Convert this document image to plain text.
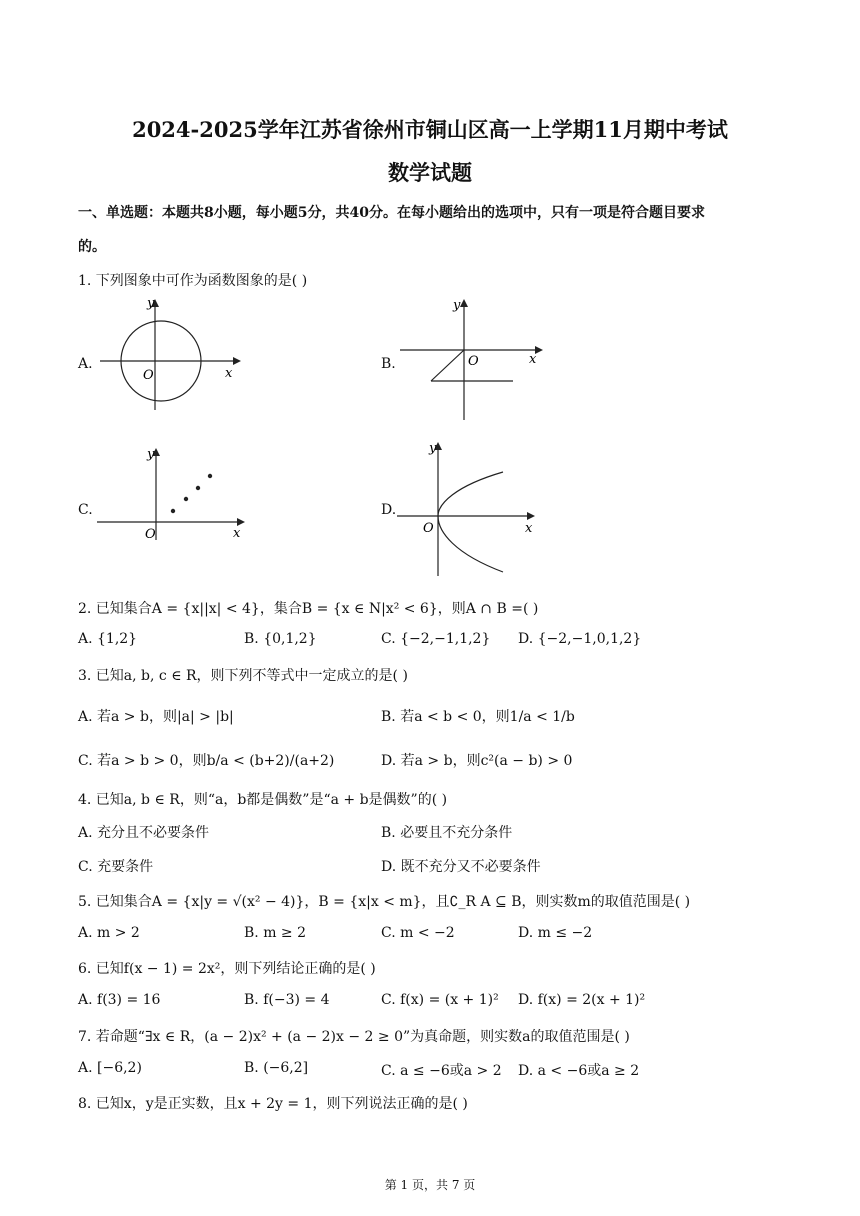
2024-2025学年江苏省徐州市铜山区高一上学期11月期中考试
数学试题
一、单选题：本题共8小题，每小题5分，共40分。在每小题给出的选项中，只有一项是符合题目要求
的。
1. 下列图象中可作为函数图象的是( )
A.	B.
C.	D.
y
x
O
y
x
O
y
x
O
y
x
O
2. 已知集合A = {x||x| < 4}，集合B = {x ∈ N|x² < 6}，则A ∩ B =( )
A. {1,2}	B. {0,1,2}	C. {−2,−1,1,2} D. {−2,−1,0,1,2}
3. 已知a, b, c ∈ R，则下列不等式中一定成立的是( )
A. 若a > b，则|a| > |b|	B. 若a < b < 0，则1/a < 1/b
C. 若a > b > 0，则b/a < (b+2)/(a+2)	D. 若a > b，则c²(a − b) > 0
4. 已知a, b ∈ R，则“a，b都是偶数”是“a + b是偶数”的( )
A. 充分且不必要条件	B. 必要且不充分条件
C. 充要条件	D. 既不充分又不必要条件
5. 已知集合A = {x|y = √(x² − 4)}，B = {x|x < m}，且∁_R A ⊆ B，则实数m的取值范围是( )
A. m > 2	B. m ≥ 2	C. m < −2	D. m ≤ −2
6. 已知f(x − 1) = 2x²，则下列结论正确的是( )
A. f(3) = 16	B. f(−3) = 4	C. f(x) = (x + 1)² D. f(x) = 2(x + 1)²
7. 若命题“∃x ∈ R，(a − 2)x² + (a − 2)x − 2 ≥ 0”为真命题，则实数a的取值范围是( )
A. [−6,2)	B. (−6,2]	C. a ≤ −6或a > 2 D. a < −6或a ≥ 2
8. 已知x，y是正实数，且x + 2y = 1，则下列说法正确的是( )
第 1 页，共 7 页
